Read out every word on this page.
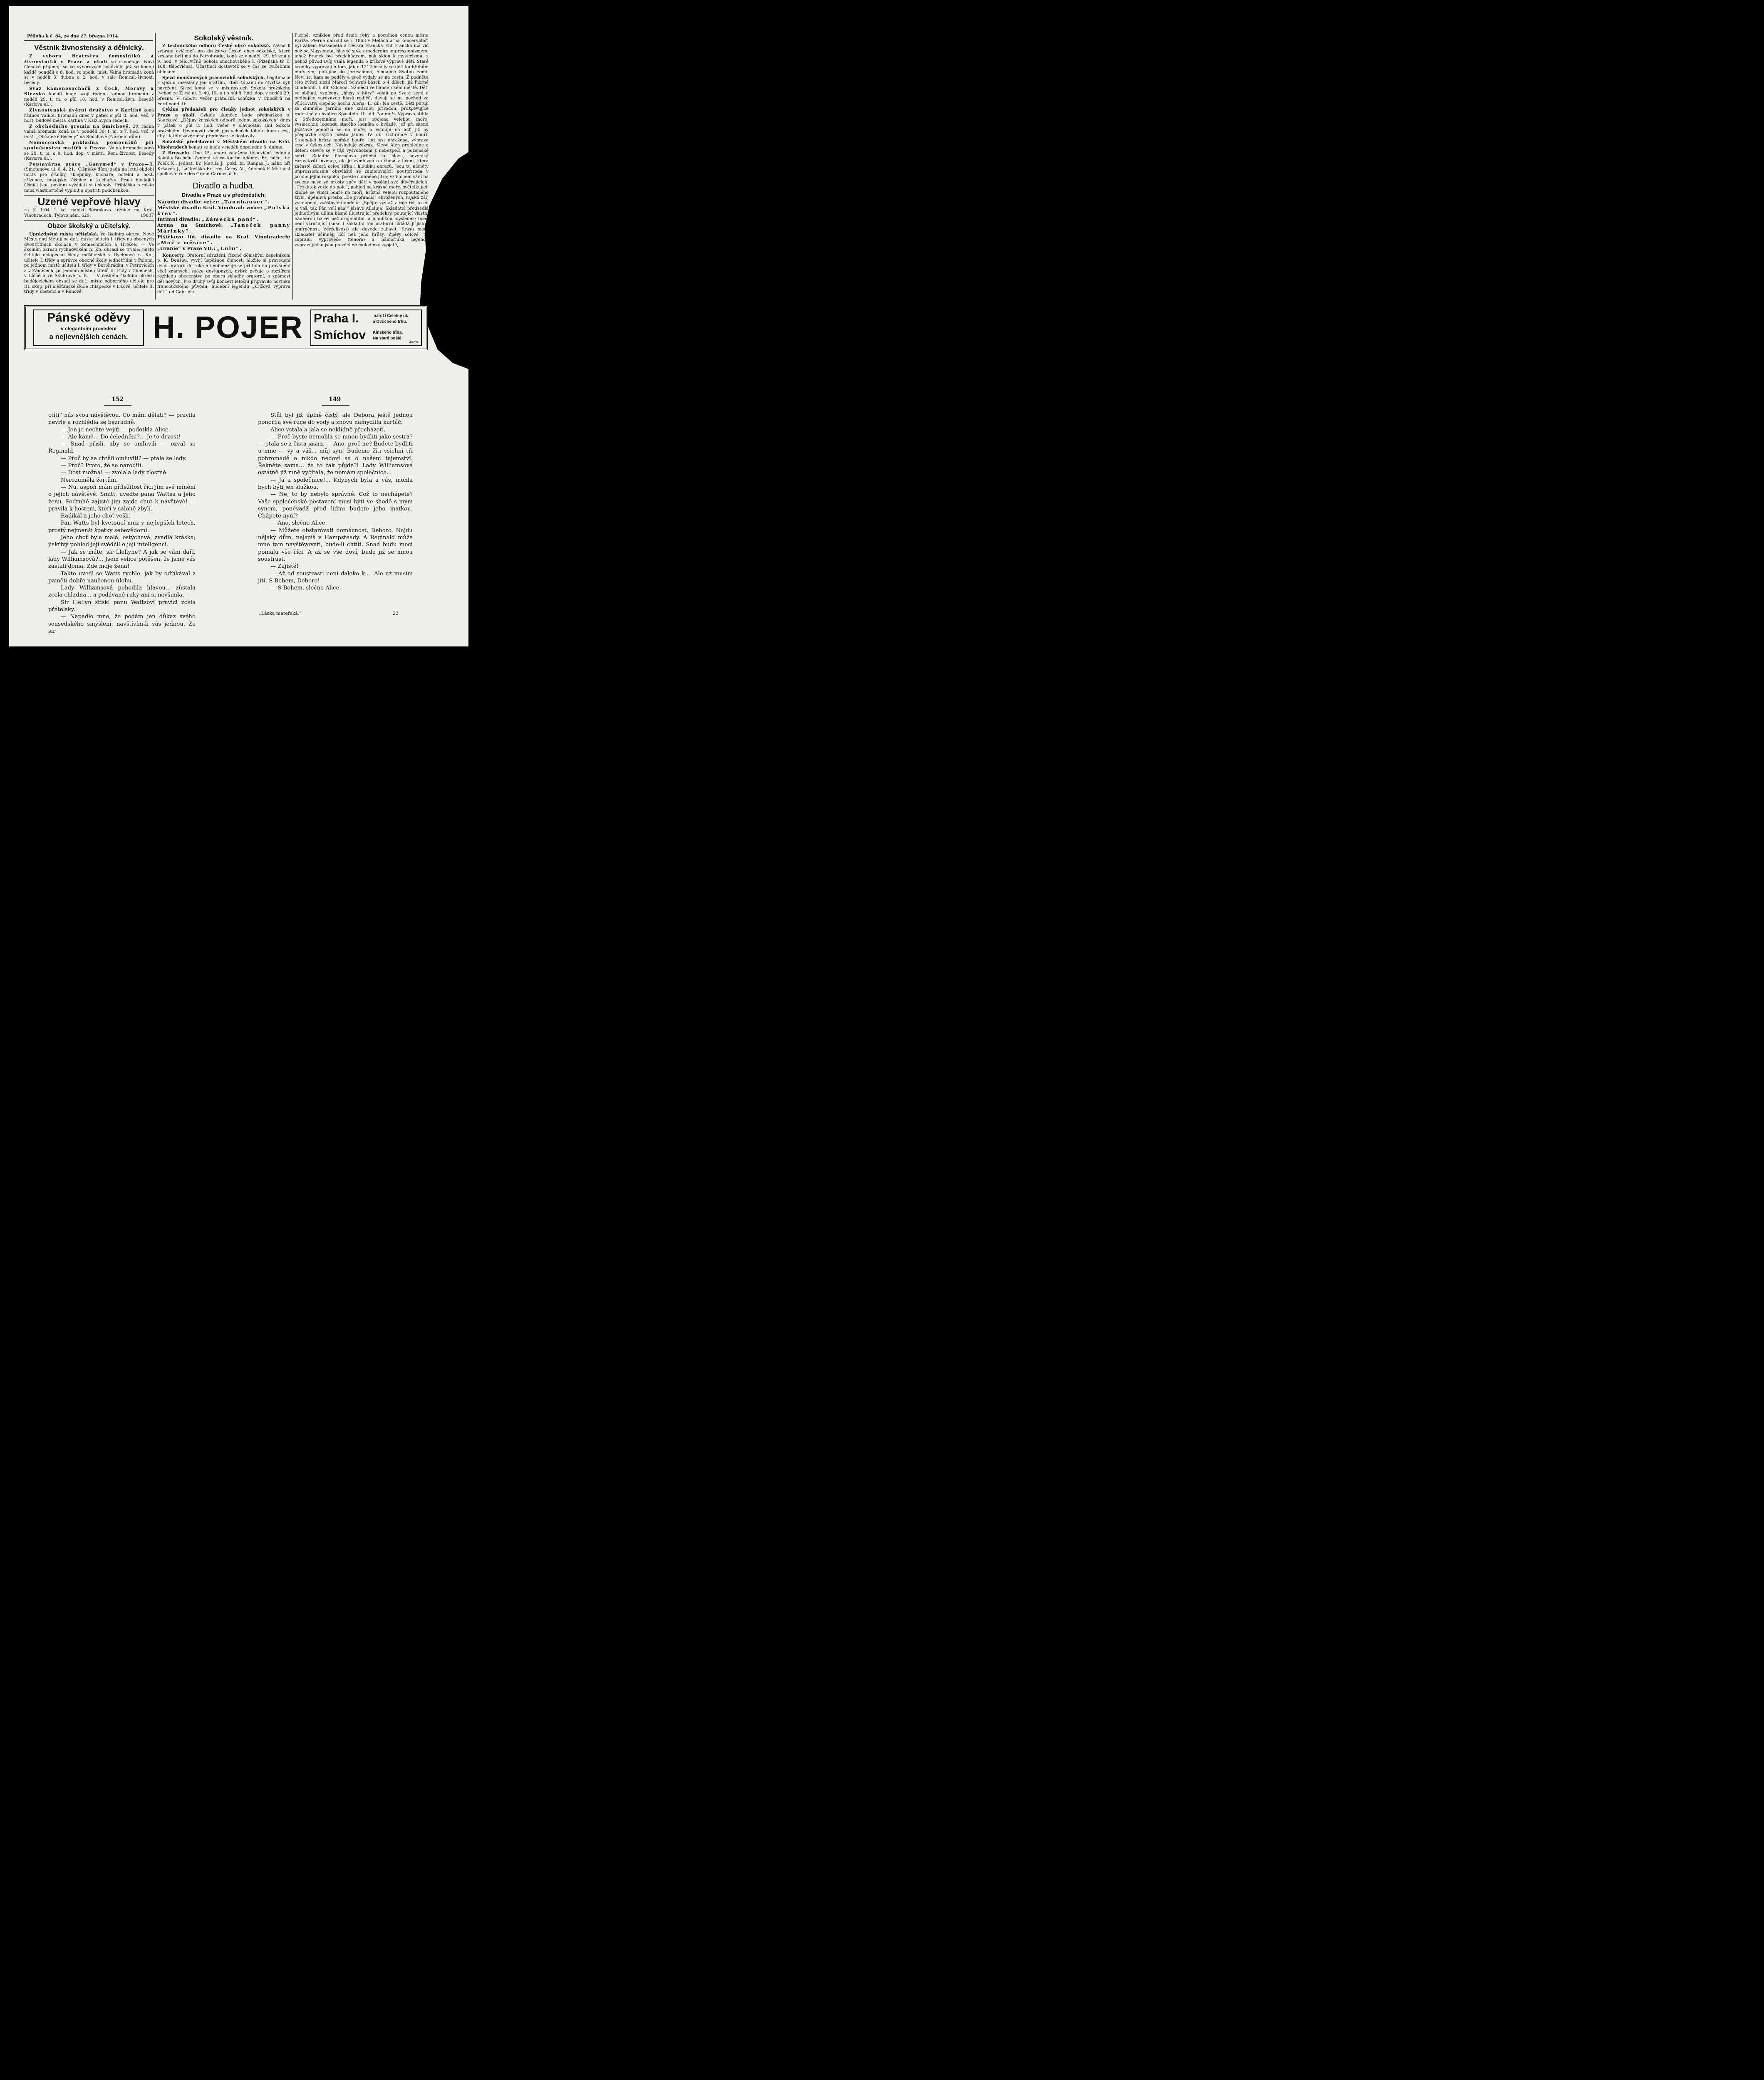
Příloha k č. 84, ze dne 27. března 1914.
Věstník živnostenský a dělnický.

Z výboru Bratrstva řemeslníků a živnostníků v Praze a okolí se oznamuje: Noví členové přijímají se ve výborových schůzích, jež se konají každé pondělí o 8. hod. ve spolk. míst. Valná hromada koná se v neděli 5. dubna o 2. hod. v sále Řemesl.-živnost. besedy.

Svaz kamenosochařů z Čech, Moravy a Slezska konati bude svoji řádnou valnou hromadu v neděli 29. t. m. o půl 10. hod. v Řemesl.-živn. Besedě (Karlova ul.).

Živnostenské úvěrní družstvo v Karlíně koná řádnou valnou hromadu dnes v pátek o půl 8. hod. več. v host. budově města Karlína v Kaizlových sadech.

Z obchodního gremia na Smíchově. 30. řádná valná hromada koná se v pondělí 30. t. m. o 7. hod. več. v míst. „Občanské Besedy“ na Smíchově (Národní dům).

Nemocenská pokladna pomocníků při společenstvu malířů v Praze. Valná hromada koná se 29. t. m. o 9. hod. dop. v místn. Řem.-živnost. Besedy (Karlova ul.).

Poptavárna práce „Ganymed“ v Praze—II. (Smetanova ul. č. 4, 21., Číšnický dům) zadá na letní období místa pro číšníky, sklepníky, kuchaře, hotelní a host. zřízence, pokojské, číšnice a kuchařky. Práci hledající číšníci jsou povinni vyžádati si tiskopis. Přihlášku o místo musí vlastnoručně vyplnit a opatřiti podobenkou.

Uzené vepřové hlavy

za K 1·04 1 kg. nabízí Beránkova tržnice na Král. Vinohradech, Tylovo nám. 629.	19807

Obzor školský a učitelský.

Uprázdněná místa učitelská. Ve školním okresu Nové Město nad Metují se def.: místa učitelů I. třídy na obecných dvoutřídních školách v Semechnicích a Hrošce. — Ve školním okresu rychnovském n. Kn. obsadí se trvale: místo říditele chlapecké školy měšťanské v Rychnově n. Kn., učitele I. třídy a správce obecné školy jednotřídní v Polomi, po jednom místě učitelů I. třídy v Borohrádku, v Petrovicích a v Zámělech, po jednom místě učitelů II. třídy v Chlenech, v Líčné a ve Skuhrově n. B. — V českém školním okresu budějovickém obsadí se def.: místo odborného učitele pro III. skup. při měšťanské škole chlapecké v Lišově, učitele II. třídy v Kostelci a v Římově.

Sokolský věstník.

Z technického odboru České obce sokolské. Závod k vybrání cvičenců pro družstvo České obce sokolské, které vysláno býti má do Petrohradu, koná se v neděli 29. března o 9. hod. v tělocvičně Sokola smíchovského I. (Plzeňská tř. č. 168, tělocvična). Účastníci dostavtež se v čas se cvičebním oblekem.

Sjezd menšinových pracovníků sokolských. Legitimace k sjezdu rozeslány jen bratřím, kteří žúpami do čtvrtka byli navrženi. Sjezd koná se v místnostech Sokola pražského (vchod ze Žitné ul. č. 40, III. p.) o půl 8. hod. dop. v neděli 29. března. V sobotu večer přátelská schůzka v Choděrů na Ferdinand. tř.

Cyklus přednášek pro členky jednot sokolských v Praze a okolí. Cyklus ukončen bude přednáškou s. Sourkové: „Dějiny ženských odborů jednot sokolských“ dnes v pátek o půl 8. hod. večer v slavnostní síni Sokola pražského. Povinností všech posluchaček tohoto kursu jest, aby i k této závěrečné přednášce se dostavily.

Sokolské představení v Městském divadle na Král. Vinohradech konati se bude v neděli dopoledne 5. dubna.

Z Brusselu. Dne 15. února založena tělocvičná jednota Sokol v Bruselu. Zvoleni: starostou br. Adámek Fr., náčel. br. Polák K., jednat. br. Matula J., pokl. br. Ranpas J., náhr. bři Krkavec J., Laštovička Fr., rev. Černý Al., Adámek P. Místnost spolková: rue des Grand Carmes č. 6.

Divadlo a hudba.
Divadla v Praze a v předměstích:

Národní divadlo: večer: „Tannhäuser“.

Městské divadlo Král. Vinohrad: večer: „Polská krev“.

Intimní divadlo: „Zámecká paní“.

Arena na Smíchově: „Taneček panny Márinky“.

Pištěkovo lid. divadlo na Král. Vinohradech: „Muž z měsíce“.

„Uranie“ v Praze VII.: „Lulu“.

Koncerty. Oratorní sdružení, řízené dómským kapelníkem p. K. Doušou, vyvíjí úspěšnou činnost; nložilo si provedení dvou oratorií do roka a neobmezuje se při tom na provádění věcí známých, snáze dostupných, nýbrž pečuje o rozšíření rozhledu obecenstva po oboru skladby oratorní, o známost děl nových. Pro druhý svůj koncert letošní připravilo novinku francouzského původu, hudební legendu „Křížová výprava dětí“ od Gabriela

Pierné, vzniklou před desíti roky a poctěnou cenou města Paříže. Pierné narodil se r. 1863 v Metách a na konservatoři byl žákem Masseneta a Césara Francka. Od Francka má víc než od Masseneta, hlavně styk s moderním impressionismem, jehož Franck byl předchůdcem, pak sklon k mysticismu, z něhož původ svůj vzala legenda o křížové výpravě dětí. Staré kroniky vypravují o tom, jak r. 1212 hrnuly se děti ku břehům mořským, putujíce do Jerusaléma, hledajíce Svatou zemi. Neví se, kam se poděly a proč vydaly se na cestu. Z podnětu této zvěsti složil Marcel Schwob báseň o 4 dílech, již Pierné zhudebnil. I. díl: Odchod, Náměstí ve flanderském městě. Děti se sbíhají, vzníceny „hlasy s hůry“ volají po Svaté zemi a nedbajíce varovných hlasů rodičů, dávají se na pochod za vůdcovství slepého hocha Aleňa. II. díl: Na cestě. Děti putují za slunného jarního dne krásnou přírodou, prozpěvujíce radostně a chválíce Spasitele. III. díl: Na moři. Výprava stihla k Středozemnímu moři, jest opojena velebou moře, vysleechne legendu starého lodníka o hvězdě, jež při skonu Ježíšově ponořila se do moře, a vstoupí na loď, již by přeplavbě skytlo město Janov. IV. díl: Ochránce v bouři. Stoupající hrůzy mořské bouře, loď jest ohrožena, výprava trne v úzkostech. Následuje zázrak. Slepý Alén prohlédne a dětem otevře se v ráji vysvobození z nebezpečí a pozemské smrti. Skladba Piernéova přiléhá ku slovu, nevyniká rázovitostí invence, ale je výmluvná a účinná v líčení, která začasté zabírá celou šířku i hloubku obrazů. Jsou tu náměty impressionismu obzvláště se zamlouvající: poutpříroda v jarním jejím rozpuku, poesie slunného jitra; vzduchem vání na sycený nese se prostý zpěv dětí v poslání své důvěřujících: „Tré dítek vešlo do pole“; pohled na krásné moře, světélkující, klidně se vlnící bouře na moři, hrůzná velebu rozpoutaného živlu, úpěnlivá prosba „De profundis“ ohrožených, rajská zář, vykoupení, zvěstování andělů: „Spějte výš až v ráje říš, to cíl je váš, tak Pán velí nás!“ jásavé Alleluja! Skladatel předsedlá jednotlivým dílům básně illustrující předehry, poutající vlastní nádherou barev než originalitou a hloubkou myšlenek; liceň není vzrušující (snad i základní tón oratorní ukládá jí jistou umírněnost, zdrželivost) ale dovede zabavit. Krásu moře skladatel účinněji líčí než jeho hrůzy. Zpěvy sólové, tři soprani, vypravěče (tenora) a námořníka legendu vypravujícího jsou po většině melodicky vypjaté,

Pánské oděvy
v elegantním provedení
a nejlevnějších cenách. H. POJER Praha I.	nároží Celetné ul.
a Ovocného trhu.
Smíchov Kinského třída,
Na staré poště.
40294
152	149

ctíti“ nás svou návštěvou. Co mám dělati? — pravila nevrle a rozhlédla se bezradně.

— Jen je nechte vejíti — podotkla Alice.

— Ale kam?... Do čeledníku?... Je to drzost!

— Snad přišli, aby se omluvili — ozval se Reginald.

— Proč by se chtěli omluviti? — ptala se lady.

— Proč? Proto, že se narodili.

— Dost možná! — zvolala lady zlostně.

Nerozuměla žertům.

— Nu, aspoň mám příležitost říci jim své mínění o jejich návštěvě. Smitt, uveďte pana Wattsa a jeho ženu. Podruhé zajistě jim zajde chuť k návštěvě! — pravila k hostem, kteří v saloně zbyli.

Radikál a jeho choť vešli.

Pan Watts byl kvetoucí muž v nejlepších letech, prostý nejmenší špetky sebevědomí.

Jeho choť byla malá, ostýchavá, zvadlá kráska; jiskřivý pohled její svědčil o její inteligenci.

— Jak se máte, sir Llellyne? A jak se vám daří, lady Williamsová?... Jsem velice potěšen, že jsme vás zastali doma. Zde moje žena!

Takto uvedl se Watts rychle, jak by odříkával z paměti dobře naučenou úlohu.

Lady Williamsová pohodila hlavou... zůstala zcela chladna... a podávané ruky ani si nevšimla.

Sir Llellyn stiskl panu Wattsovi pravici zcela přátelsky.

— Napadlo mne, že podám jen důkaz svého sousedského smýšlení, navštívím-li vás jednou. Že sir

Stůl byl již úplně čistý, ale Debora ještě jednou ponořila své ruce do vody a znovu namydlila kartáč.

Alice vstala a jala se neklidně přecházeti.

— Proč byste nemohla se mnou bydliti jako sestra? — ptala se z čista jasna. — Ano, proč ne? Budete bydliti u mne — vy a váš... můj syn! Budeme žíti všichni tři pohromadě a nikdo nedoví se o našem tajemství. Řekněte sama... že to tak půjde?! Lady Williamsová ostatně již mně vyčítala, že nemám společnice...

— Já a společnice!... Kdybych byla u vás, mohla bych býti jen služkou.

— Ne, to by nebylo správné. Což to nechápete? Vaše společenské postavení musí býti ve shodě s mým synem, poněvadž před lidmi budete jeho matkou. Chápete nyní?

— Ano, slečno Alice.

— Můžete obstarávati domácnost, Deboro. Najdu nějaký dům, nejspíš v Hampsteady. A Reginald může mne tam navštěvovati, bude-li chtíti. Snad budu moci pomalu vše říci. A až se vše doví, bude již se mnou soustrast.

— Zajisté!

— Až od soustrasti není daleko k.... Ale už musím jíti. S Bohem, Deboro!

— S Bohem, slečno Alice.

„Láska mateřská.“	23
